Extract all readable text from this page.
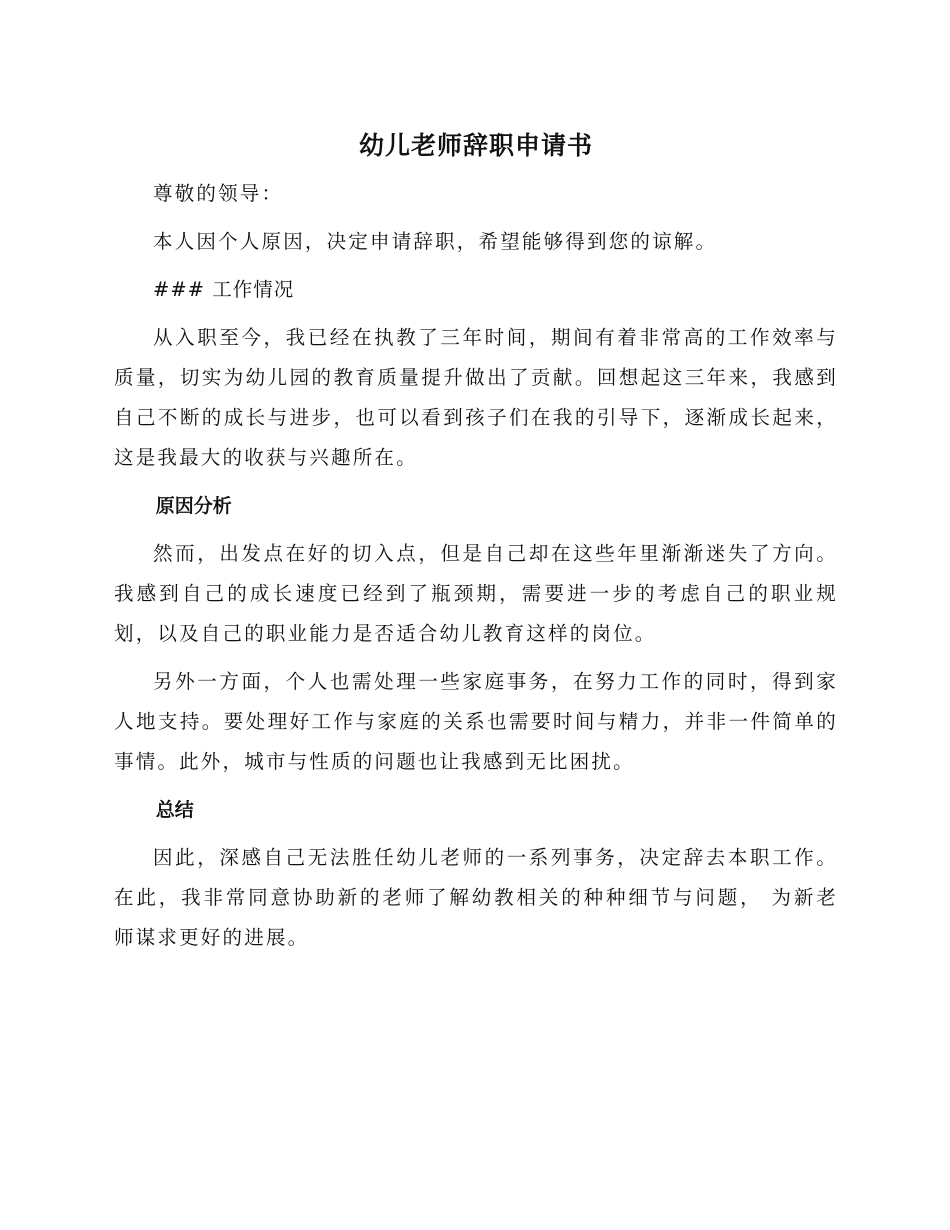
幼儿老师辞职申请书

尊敬的领导：

本人因个人原因，决定申请辞职，希望能够得到您的谅解。

### 工作情况

从入职至今，我已经在执教了三年时间，期间有着非常高的工作效率与质量，切实为幼儿园的教育质量提升做出了贡献。回想起这三年来，我感到自己不断的成长与进步，也可以看到孩子们在我的引导下，逐渐成长起来，这是我最大的收获与兴趣所在。

原因分析

然而，出发点在好的切入点，但是自己却在这些年里渐渐迷失了方向。我感到自己的成长速度已经到了瓶颈期，需要进一步的考虑自己的职业规划，以及自己的职业能力是否适合幼儿教育这样的岗位。

另外一方面，个人也需处理一些家庭事务，在努力工作的同时，得到家人地支持。要处理好工作与家庭的关系也需要时间与精力，并非一件简单的事情。此外，城市与性质的问题也让我感到无比困扰。

总结

因此，深感自己无法胜任幼儿老师的一系列事务，决定辞去本职工作。在此，我非常同意协助新的老师了解幼教相关的种种细节与问题， 为新老师谋求更好的进展。
